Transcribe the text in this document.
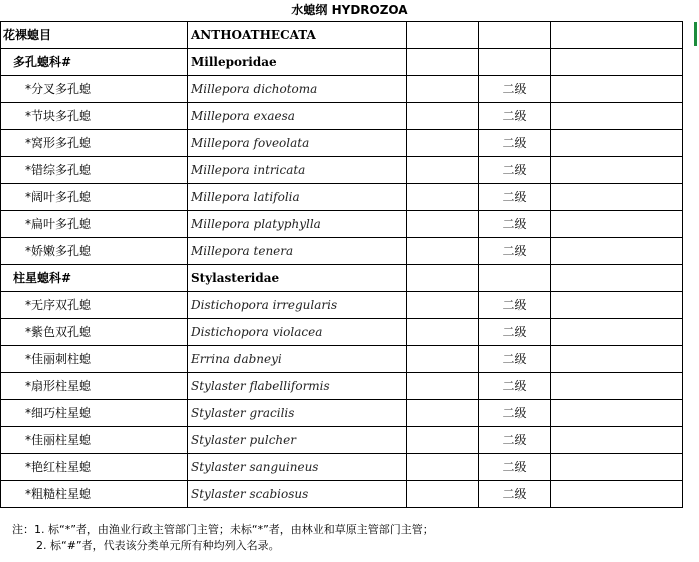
水螅纲 HYDROZOA
花裸螅目	ANTHOATHECATA			
多孔螅科#	Milleporidae			
*分叉多孔螅	Millepora dichotoma		二级	
*节块多孔螅	Millepora exaesa		二级	
*窝形多孔螅	Millepora foveolata		二级	
*错综多孔螅	Millepora intricata		二级	
*阔叶多孔螅	Millepora latifolia		二级	
*扁叶多孔螅	Millepora platyphylla		二级	
*娇嫩多孔螅	Millepora tenera		二级	
柱星螅科#	Stylasteridae			
*无序双孔螅	Distichopora irregularis		二级	
*紫色双孔螅	Distichopora violacea		二级	
*佳丽刺柱螅	Errina dabneyi		二级	
*扇形柱星螅	Stylaster flabelliformis		二级	
*细巧柱星螅	Stylaster gracilis		二级	
*佳丽柱星螅	Stylaster pulcher		二级	
*艳红柱星螅	Stylaster sanguineus		二级	
*粗糙柱星螅	Stylaster scabiosus		二级	
注：1. 标“*”者，由渔业行政主管部门主管；未标“*”者，由林业和草原主管部门主管；
2. 标“#”者，代表该分类单元所有种均列入名录。
